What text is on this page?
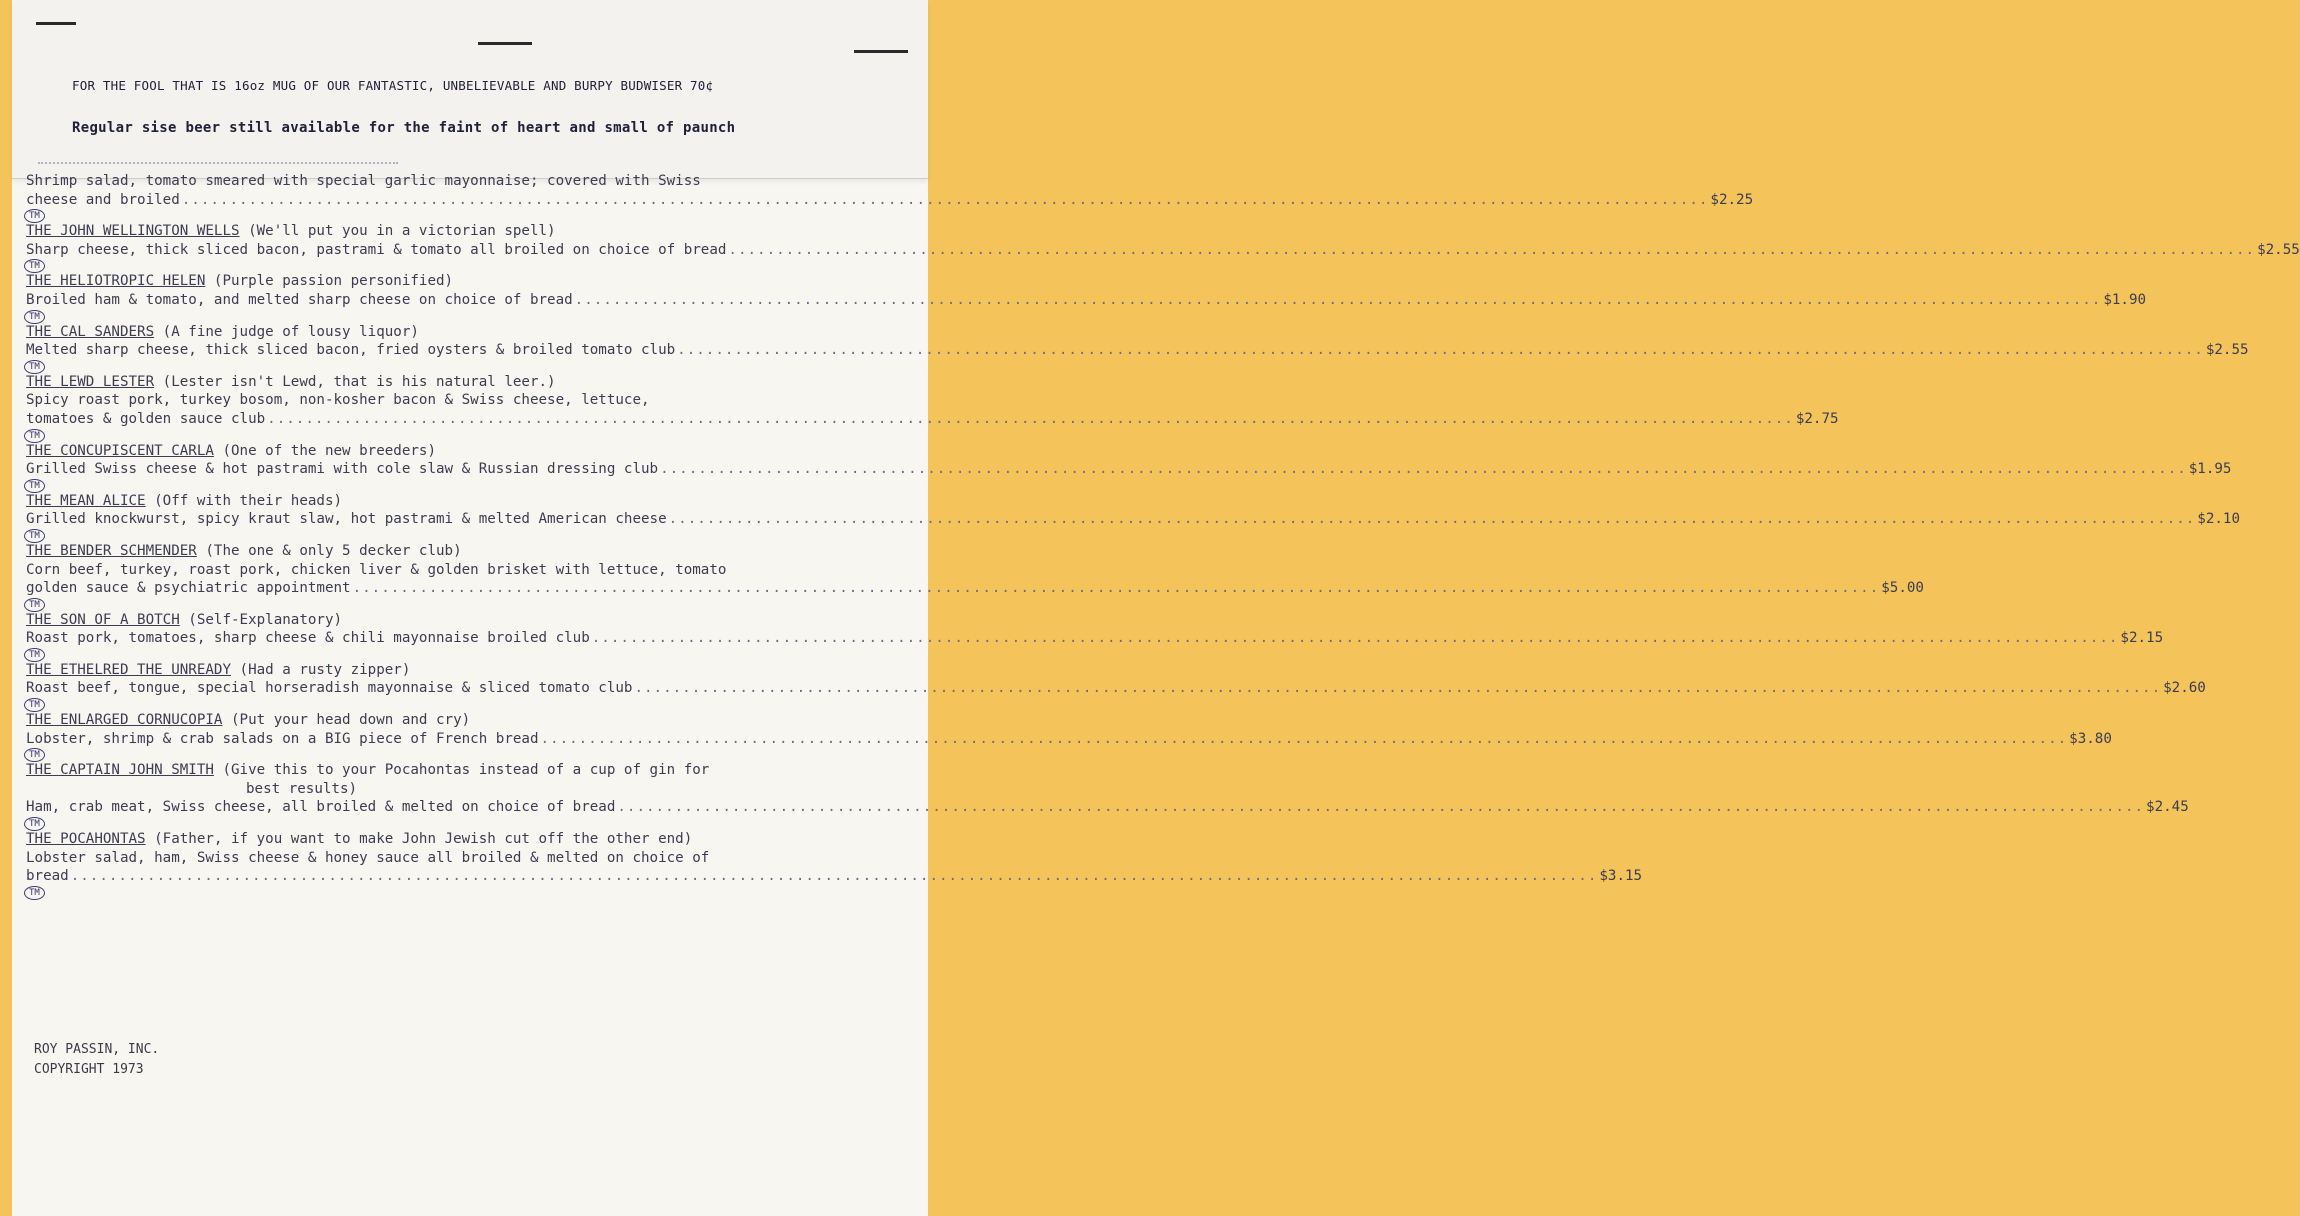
FOR THE FOOL THAT IS 16oz MUG OF OUR FANTASTIC, UNBELIEVABLE AND BURPY BUDWISER 70¢
Regular sise beer still available for the faint of heart and small of paunch
Shrimp salad, tomato smeared with special garlic mayonnaise; covered with Swiss
cheese and broiled ................................................................................................................................................................ $2.25
TM
THE JOHN WELLINGTON WELLS (We'll put you in a victorian spell)
Sharp cheese, thick sliced bacon, pastrami & tomato all broiled on choice of bread ................................................................................................................................................................ $2.55
TM
THE HELIOTROPIC HELEN (Purple passion personified)
Broiled ham & tomato, and melted sharp cheese on choice of bread ................................................................................................................................................................ $1.90
TM
THE CAL SANDERS (A fine judge of lousy liquor)
Melted sharp cheese, thick sliced bacon, fried oysters & broiled tomato club ................................................................................................................................................................ $2.55
TM
THE LEWD LESTER (Lester isn't Lewd, that is his natural leer.)
Spicy roast pork, turkey bosom, non-kosher bacon & Swiss cheese, lettuce,
tomatoes & golden sauce club ................................................................................................................................................................ $2.75
TM
THE CONCUPISCENT CARLA (One of the new breeders)
Grilled Swiss cheese & hot pastrami with cole slaw & Russian dressing club ................................................................................................................................................................ $1.95
TM
THE MEAN ALICE (Off with their heads)
Grilled knockwurst, spicy kraut slaw, hot pastrami & melted American cheese ................................................................................................................................................................ $2.10
TM
THE BENDER SCHMENDER (The one & only 5 decker club)
Corn beef, turkey, roast pork, chicken liver & golden brisket with lettuce, tomato
golden sauce & psychiatric appointment ................................................................................................................................................................ $5.00
TM
THE SON OF A BOTCH (Self-Explanatory)
Roast pork, tomatoes, sharp cheese & chili mayonnaise broiled club ................................................................................................................................................................ $2.15
TM
THE ETHELRED THE UNREADY (Had a rusty zipper)
Roast beef, tongue, special horseradish mayonnaise & sliced tomato club ................................................................................................................................................................ $2.60
TM
THE ENLARGED CORNUCOPIA (Put your head down and cry)
Lobster, shrimp & crab salads on a BIG piece of French bread ................................................................................................................................................................ $3.80
TM
THE CAPTAIN JOHN SMITH (Give this to your Pocahontas instead of a cup of gin for
best results)
Ham, crab meat, Swiss cheese, all broiled & melted on choice of bread ................................................................................................................................................................ $2.45
TM
THE POCAHONTAS (Father, if you want to make John Jewish cut off the other end)
Lobster salad, ham, Swiss cheese & honey sauce all broiled & melted on choice of
bread ................................................................................................................................................................ $3.15
TM
ROY PASSIN, INC.
COPYRIGHT 1973
